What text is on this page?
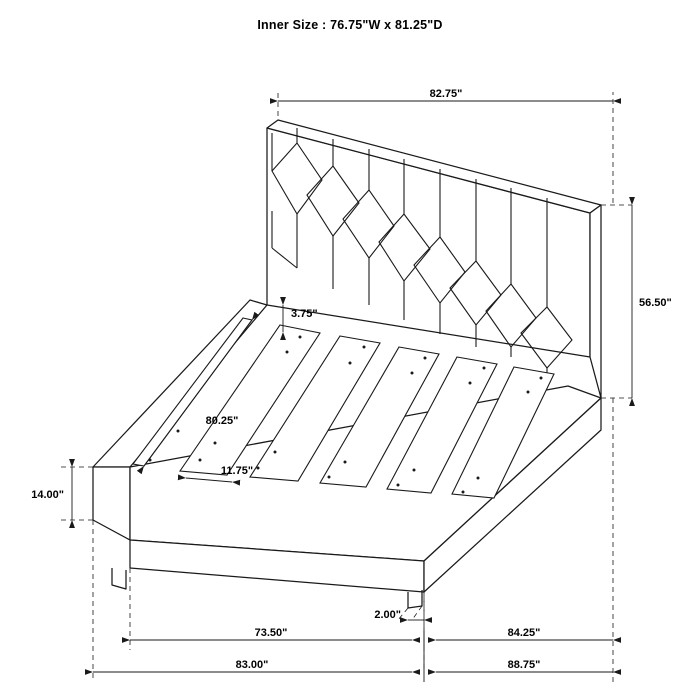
Inner Size : 76.75"W x 81.25"D
82.75"
56.50"
3.75"
80.25"
11.75"
14.00"
2.00"
73.50"	84.25"
83.00"	88.75"
